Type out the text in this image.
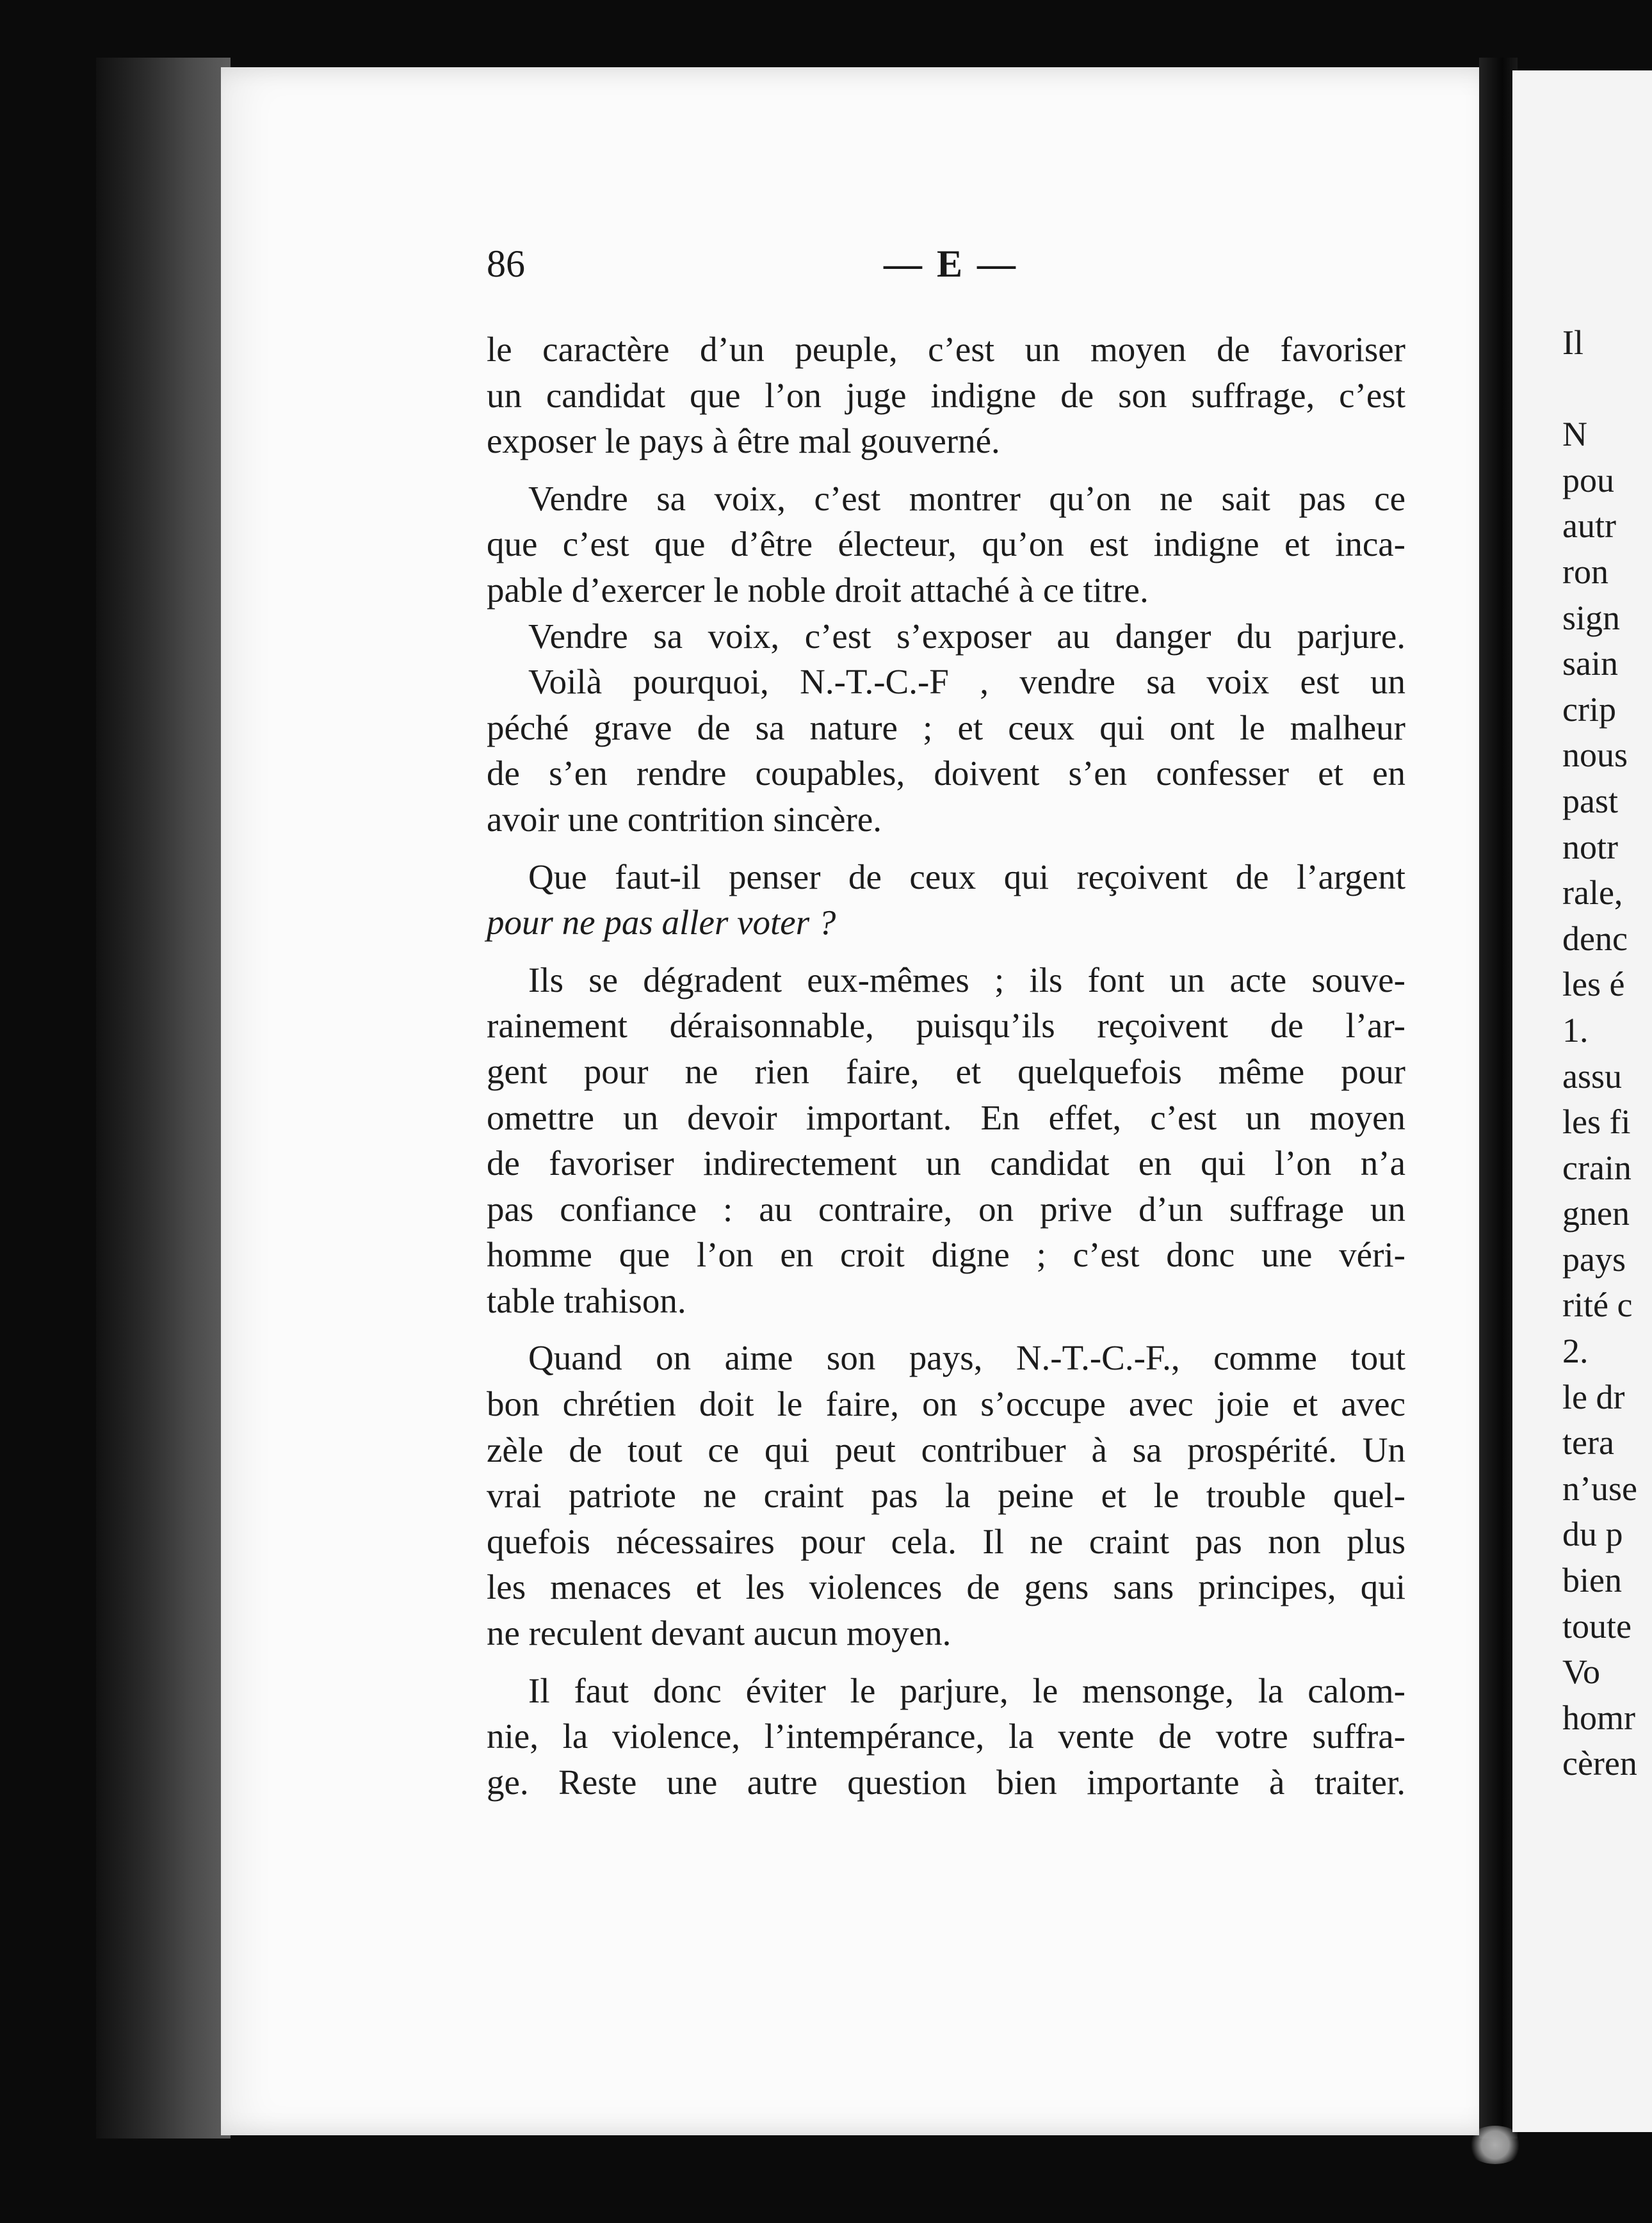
86	— E —

le caractère d’un peuple, c’est un moyen de favoriser
un candidat que l’on juge indigne de son suffrage, c’est
exposer le pays à être mal gouverné.

Vendre sa voix, c’est montrer qu’on ne sait pas ce
que c’est que d’être électeur, qu’on est indigne et inca-
pable d’exercer le noble droit attaché à ce titre.

Vendre sa voix, c’est s’exposer au danger du parjure.

Voilà pourquoi, N.-T.-C.-F , vendre sa voix est un
péché grave de sa nature ; et ceux qui ont le malheur
de s’en rendre coupables, doivent s’en confesser et en
avoir une contrition sincère.

Que faut-il penser de ceux qui reçoivent de l’argent
pour ne pas aller voter ?

Ils se dégradent eux-mêmes ; ils font un acte souve-
rainement déraisonnable, puisqu’ils reçoivent de l’ar-
gent pour ne rien faire, et quelquefois même pour
omettre un devoir important. En effet, c’est un moyen
de favoriser indirectement un candidat en qui l’on n’a
pas confiance : au contraire, on prive d’un suffrage un
homme que l’on en croit digne ; c’est donc une véri-
table trahison.

Quand on aime son pays, N.-T.-C.-F., comme tout
bon chrétien doit le faire, on s’occupe avec joie et avec
zèle de tout ce qui peut contribuer à sa prospérité. Un
vrai patriote ne craint pas la peine et le trouble quel-
quefois nécessaires pour cela. Il ne craint pas non plus
les menaces et les violences de gens sans principes, qui
ne reculent devant aucun moyen.

Il faut donc éviter le parjure, le mensonge, la calom-
nie, la violence, l’intempérance, la vente de votre suffra-
ge. Reste une autre question bien importante à traiter.

Il

N
pou
autr
ron
sign
sain
crip
nous
past
notr
rale,
denc
les é
1.
assu
les fi
crain
gnen
pays
rité c
2.
le dr
tera
n’use
du p
bien
toute
Vo
homr
cèren
